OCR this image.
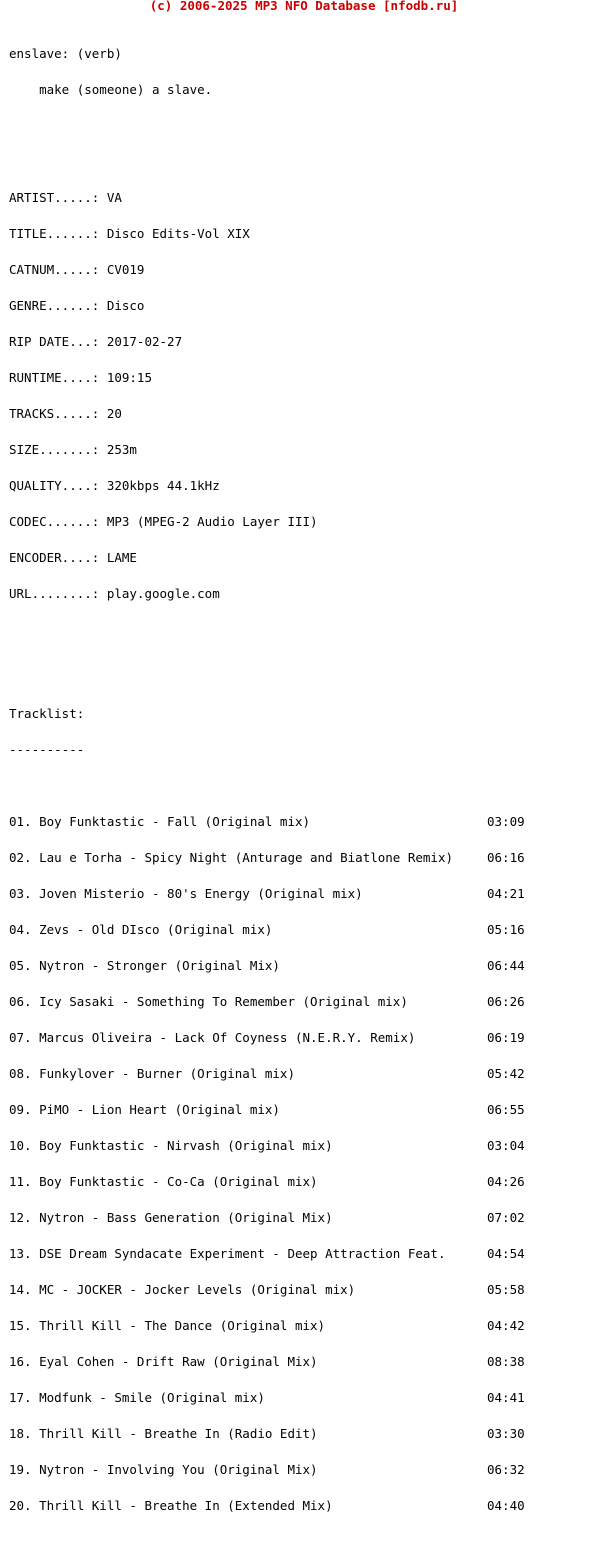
(c) 2006-2025 MP3 NFO Database [nfodb.ru]

enslave: (verb)

make (someone) a slave.

ARTIST.....: VA

TITLE......: Disco Edits-Vol XIX

CATNUM.....: CV019

GENRE......: Disco

RIP DATE...: 2017-02-27

RUNTIME....: 109:15

TRACKS.....: 20

SIZE.......: 253m

QUALITY....: 320kbps 44.1kHz

CODEC......: MP3 (MPEG-2 Audio Layer III)

ENCODER....: LAME

URL........: play.google.com

Tracklist:

----------

01. Boy Funktastic - Fall (Original mix)	03:09

02. Lau e Torha - Spicy Night (Anturage and Biatlone Remix)	06:16

03. Joven Misterio - 80's Energy (Original mix)	04:21

04. Zevs - Old DIsco (Original mix)	05:16

05. Nytron - Stronger (Original Mix)	06:44

06. Icy Sasaki - Something To Remember (Original mix)	06:26

07. Marcus Oliveira - Lack Of Coyness (N.E.R.Y. Remix)	06:19

08. Funkylover - Burner (Original mix)	05:42

09. PiMO - Lion Heart (Original mix)	06:55

10. Boy Funktastic - Nirvash (Original mix)	03:04

11. Boy Funktastic - Co-Ca (Original mix)	04:26

12. Nytron - Bass Generation (Original Mix)	07:02

13. DSE Dream Syndacate Experiment - Deep Attraction Feat.	04:54

14. MC - JOCKER - Jocker Levels (Original mix)	05:58

15. Thrill Kill - The Dance (Original mix)	04:42

16. Eyal Cohen - Drift Raw (Original Mix)	08:38

17. Modfunk - Smile (Original mix)	04:41

18. Thrill Kill - Breathe In (Radio Edit)	03:30

19. Nytron - Involving You (Original Mix)	06:32

20. Thrill Kill - Breathe In (Extended Mix)	04:40
